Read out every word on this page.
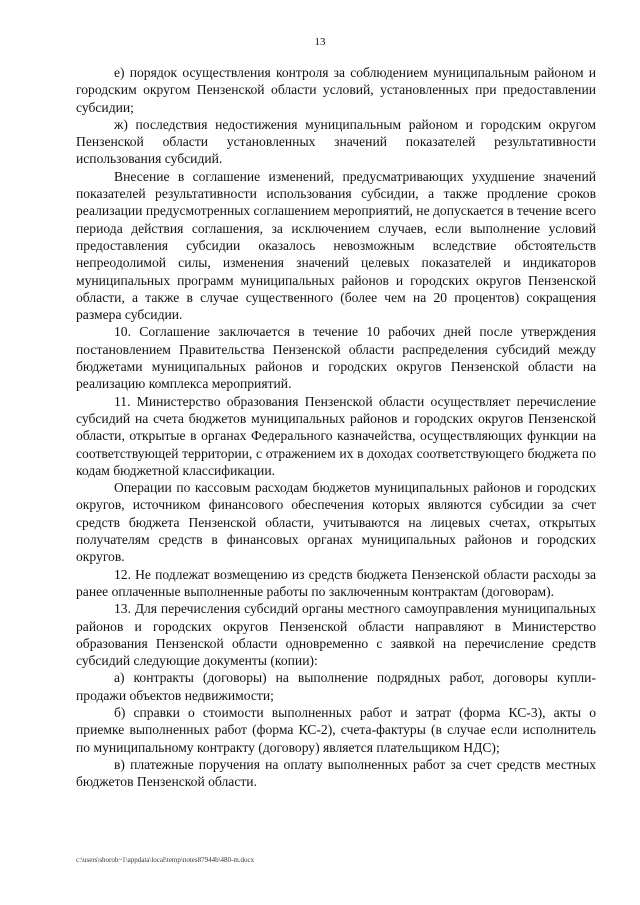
13

е) порядок осуществления контроля за соблюдением муниципальным районом и городским округом Пензенской области условий, установленных при предоставлении субсидии;

ж) последствия недостижения муниципальным районом и городским округом Пензенской области установленных значений показателей результативности использования субсидий.

Внесение в соглашение изменений, предусматривающих ухудшение значений показателей результативности использования субсидии, а также продление сроков реализации предусмотренных соглашением мероприятий, не допускается в течение всего периода действия соглашения, за исключением случаев, если выполнение условий предоставления субсидии оказалось невозможным вследствие обстоятельств непреодолимой силы, изменения значений целевых показателей и индикаторов муниципальных программ муниципальных районов и городских округов Пензенской области, а также в случае существенного (более чем на 20 процентов) сокращения размера субсидии.

10. Соглашение заключается в течение 10 рабочих дней после утверждения постановлением Правительства Пензенской области распределения субсидий между бюджетами муниципальных районов и городских округов Пензенской области на реализацию комплекса мероприятий.

11. Министерство образования Пензенской области осуществляет перечисление субсидий на счета бюджетов муниципальных районов и городских округов Пензенской области, открытые в органах Федерального казначейства, осуществляющих функции на соответствующей территории, с отражением их в доходах соответствующего бюджета по кодам бюджетной классификации.

Операции по кассовым расходам бюджетов муниципальных районов и городских округов, источником финансового обеспечения которых являются субсидии за счет средств бюджета Пензенской области, учитываются на лицевых счетах, открытых получателям средств в финансовых органах муниципальных районов и городских округов.

12. Не подлежат возмещению из средств бюджета Пензенской области расходы за ранее оплаченные выполненные работы по заключенным контрактам (договорам).

13. Для перечисления субсидий органы местного самоуправления муниципальных районов и городских округов Пензенской области направляют в Министерство образования Пензенской области одновременно с заявкой на перечисление средств субсидий следующие документы (копии):

а) контракты (договоры) на выполнение подрядных работ, договоры купли-продажи объектов недвижимости;

б) справки о стоимости выполненных работ и затрат (форма КС-3), акты о приемке выполненных работ (форма КС-2), счета-фактуры (в случае если исполнитель по муниципальному контракту (договору) является плательщиком НДС);

в) платежные поручения на оплату выполненных работ за счет средств местных бюджетов Пензенской области.

c:\users\shorob~1\appdata\local\temp\notes87944b\480-m.docx
